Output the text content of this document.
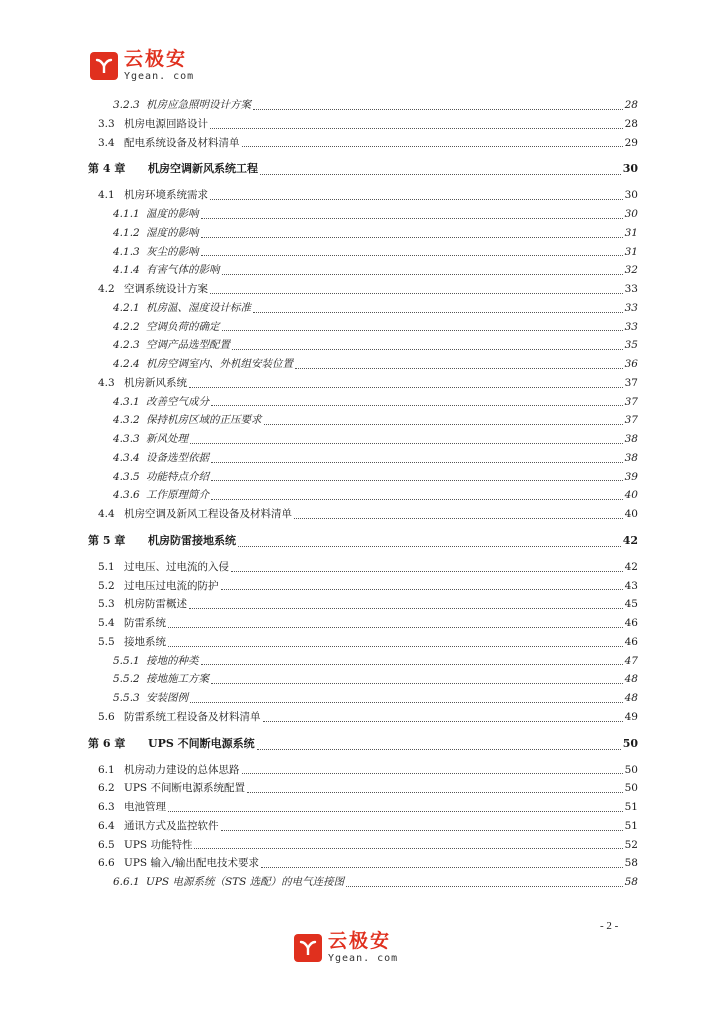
云极安
Ygean. com
3.2.3 机房应急照明设计方案	28
3.3 机房电源回路设计	28
3.4 配电系统设备及材料清单	29
第 4 章	机房空调新风系统工程	30
4.1 机房环境系统需求	30
4.1.1 温度的影响	30
4.1.2 湿度的影响	31
4.1.3 灰尘的影响	31
4.1.4 有害气体的影响	32
4.2 空调系统设计方案	33
4.2.1 机房温、湿度设计标准	33
4.2.2 空调负荷的确定	33
4.2.3 空调产品选型配置	35
4.2.4 机房空调室内、外机组安装位置	36
4.3 机房新风系统	37
4.3.1 改善空气成分	37
4.3.2 保持机房区域的正压要求	37
4.3.3 新风处理	38
4.3.4 设备选型依据	38
4.3.5 功能特点介绍	39
4.3.6 工作原理简介	40
4.4 机房空调及新风工程设备及材料清单	40
第 5 章	机房防雷接地系统	42
5.1 过电压、过电流的入侵	42
5.2 过电压过电流的防护	43
5.3 机房防雷概述	45
5.4 防雷系统	46
5.5 接地系统	46
5.5.1 接地的种类	47
5.5.2 接地施工方案	48
5.5.3 安装图例	48
5.6 防雷系统工程设备及材料清单	49
第 6 章	UPS 不间断电源系统	50
6.1 机房动力建设的总体思路	50
6.2 UPS 不间断电源系统配置	50
6.3 电池管理	51
6.4 通讯方式及监控软件	51
6.5 UPS 功能特性	52
6.6 UPS 输入/输出配电技术要求	58
6.6.1 UPS 电源系统（STS 选配）的电气连接图	58
- 2 -
云极安
Ygean. com
